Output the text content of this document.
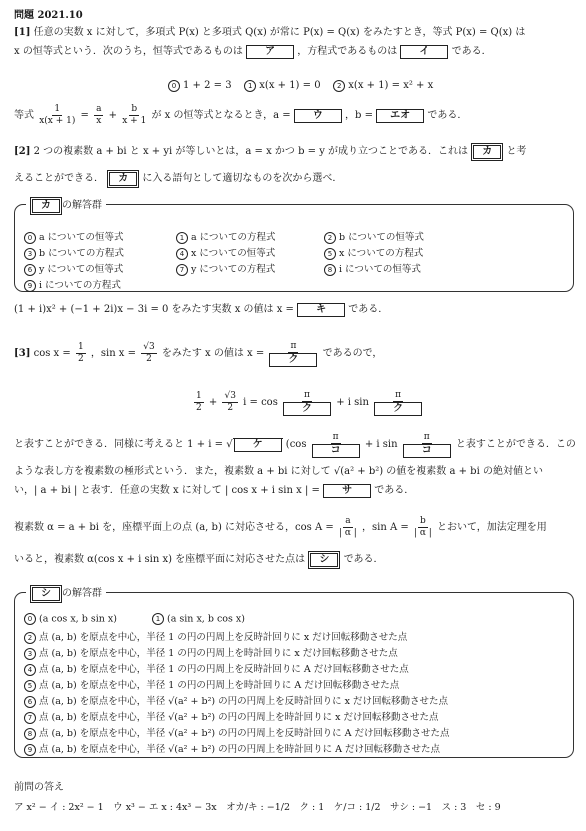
問題 2021.10
[1] 任意の実数 x に対して，多項式 P(x) と多項式 Q(x) が常に P(x) = Q(x) をみたすとき，等式 P(x) = Q(x) は
x の恒等式という．次のうち，恒等式であるものは ア ，方程式であるものは イ である．
0 1 + 2 = 3 1 x(x + 1) = 0 2 x(x + 1) = x² + x
等式 $\frac{1}{x(x + 1)} = \frac{a}{x} + \frac{b}{x + 1}$ が x の恒等式となるとき，a = ウ ，b = エオ である．
[2] 2 つの複素数 a + bi と x + yi が等しいとは，a = x かつ b = y が成り立つことである．これは カ と考
えることができる． カ に入る語句として適切なものを次から選べ．
カ の解答群
0 a についての恒等式	1 a についての方程式	2 b についての恒等式
3 b についての方程式	4 x についての恒等式	5 x についての方程式
6 y についての恒等式	7 y についての方程式	8 i についての恒等式
9 i についての方程式
(1 + i)x² + (−1 + 2i)x − 3i = 0 をみたす実数 x の値は x = キ である．
[3] $\cos x = \frac{1}{2}$ ，$\sin x = \frac{√3}{2}$ をみたす x の値は $x = \frac{\pi}{\text{ク}}$ であるので，
$\frac{1}{2} + \frac{√3}{2}$ $i = \cos \frac{\pi}{\text{ク}} + i$ $\sin \frac{\pi}{\text{ク}}$
と表すことができる．同様に考えると 1 + i = √ ケ ($\cos \frac{\pi}{\text{コ}} + i$ $\sin \frac{\pi}{\text{コ}}$ と表すことができる．この
ような表し方を複素数の極形式という．また，複素数 a + bi に対して √(a² + b²) の値を複素数 a + bi の絶対値とい
い，| a + bi | と表す．任意の実数 x に対して | cos x + i sin x | = サ である．
複素数 α = a + bi を，座標平面上の点 (a, b) に対応させる，$\cos A = \frac{a}{| \alpha |}$ ，$\sin A = \frac{b}{| \alpha |}$ とおいて，加法定理を用
いると，複素数 α(cos x + i sin x) を座標平面に対応させた点は シ である．
シ の解答群
0 (a cos x, b sin x)	1 (a sin x, b cos x)
2 点 (a, b) を原点を中心，半径 1 の円の円周上を反時計回りに x だけ回転移動させた点
3 点 (a, b) を原点を中心，半径 1 の円の円周上を時計回りに x だけ回転移動させた点
4 点 (a, b) を原点を中心，半径 1 の円の円周上を反時計回りに A だけ回転移動させた点
5 点 (a, b) を原点を中心，半径 1 の円の円周上を時計回りに A だけ回転移動させた点
6 点 (a, b) を原点を中心，半径 √(a² + b²) の円の円周上を反時計回りに x だけ回転移動させた点
7 点 (a, b) を原点を中心，半径 √(a² + b²) の円の円周上を時計回りに x だけ回転移動させた点
8 点 (a, b) を原点を中心，半径 √(a² + b²) の円の円周上を反時計回りに A だけ回転移動させた点
9 点 (a, b) を原点を中心，半径 √(a² + b²) の円の円周上を時計回りに A だけ回転移動させた点
前問の答え
ア x² − イ : 2x² − 1　ウ x³ − エ x : 4x³ − 3x　オカ/キ : −1/2　ク : 1　ケ/コ : 1/2　サシ : −1　ス : 3　セ : 9
